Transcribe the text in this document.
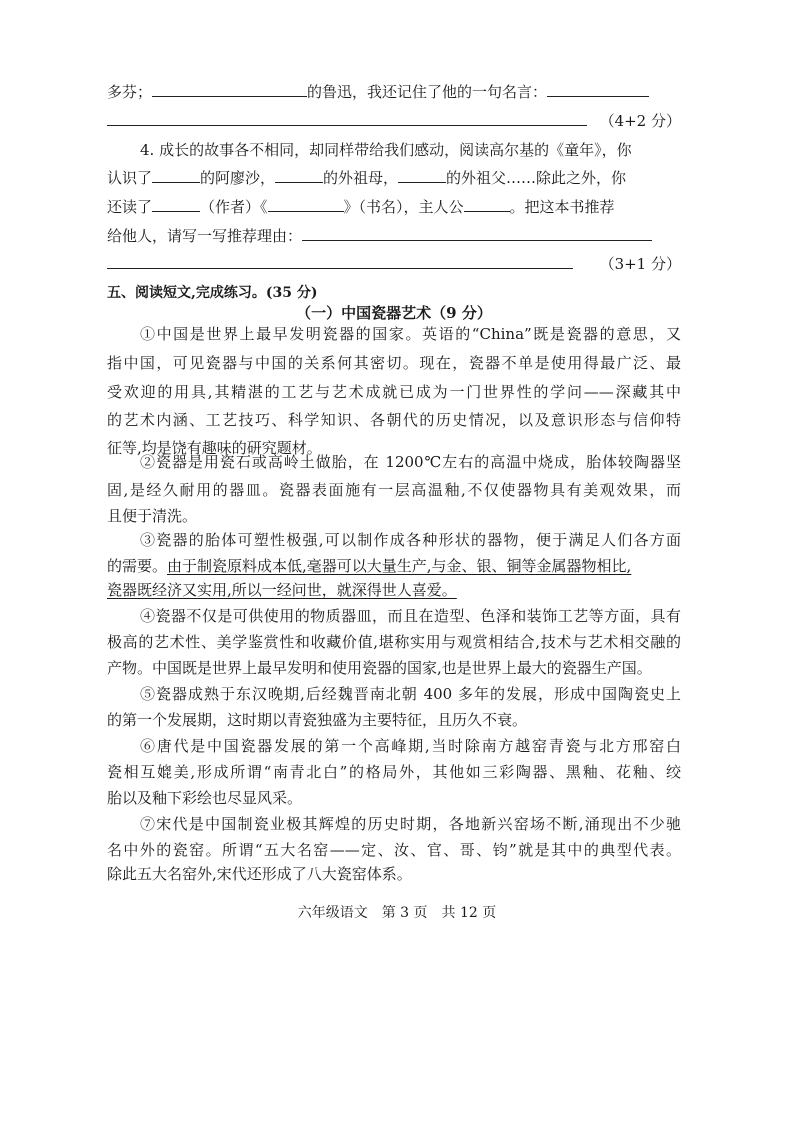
多芬；	的鲁迅，我还记住了他的一句名言：
（4+2 分）
4. 成长的故事各不相同，却同样带给我们感动，阅读高尔基的《童年》，你
认识了	的阿廖沙，	的外祖母，	的外祖父……除此之外，你
还读了	（作者）《	》（书名），主人公	。把这本书推荐
给他人，请写一写推荐理由：
（3+1 分）
五、阅读短文,完成练习。(35 分)
（一）中国瓷器艺术（9 分）
①中国是世界上最早发明瓷器的国家。英语的“China”既是瓷器的意思，又
指中国，可见瓷器与中国的关系何其密切。现在，瓷器不单是使用得最广泛、最
受欢迎的用具,其精湛的工艺与艺术成就已成为一门世界性的学问——深藏其中
的艺术内涵、工艺技巧、科学知识、各朝代的历史情况，以及意识形态与信仰特
征等,均是饶有趣味的研究题材。
②瓷器是用瓷石或高岭土做胎，在 1200℃左右的高温中烧成，胎体较陶器坚
固,是经久耐用的器皿。瓷器表面施有一层高温釉,不仅使器物具有美观效果，而
且便于清洗。
③瓷器的胎体可塑性极强,可以制作成各种形状的器物，便于满足人们各方面
的需要。由于制瓷原料成本低,毫器可以大量生产,与金、银、铜等金属器物相比,
瓷器既经济又实用,所以一经问世，就深得世人喜爱。
④瓷器不仅是可供使用的物质器皿，而且在造型、色泽和装饰工艺等方面，具有
极高的艺术性、美学鉴赏性和收藏价值,堪称实用与观赏相结合,技术与艺术相交融的
产物。中国既是世界上最早发明和使用瓷器的国家,也是世界上最大的瓷器生产国。
⑤瓷器成熟于东汉晚期,后经魏晋南北朝 400 多年的发展，形成中国陶瓷史上
的第一个发展期，这时期以青瓷独盛为主要特征，且历久不衰。
⑥唐代是中国瓷器发展的第一个高峰期,当时除南方越窑青瓷与北方邢窑白
瓷相互媲美,形成所谓“南青北白”的格局外，其他如三彩陶器、黑釉、花釉、绞
胎以及釉下彩绘也尽显风采。
⑦宋代是中国制瓷业极其辉煌的历史时期，各地新兴窑场不断,涌现出不少驰
名中外的瓷窑。所谓“五大名窑——定、汝、官、哥、钧”就是其中的典型代表。
除此五大名窑外,宋代还形成了八大瓷窑体系。
六年级语文　第 3 页　共 12 页
